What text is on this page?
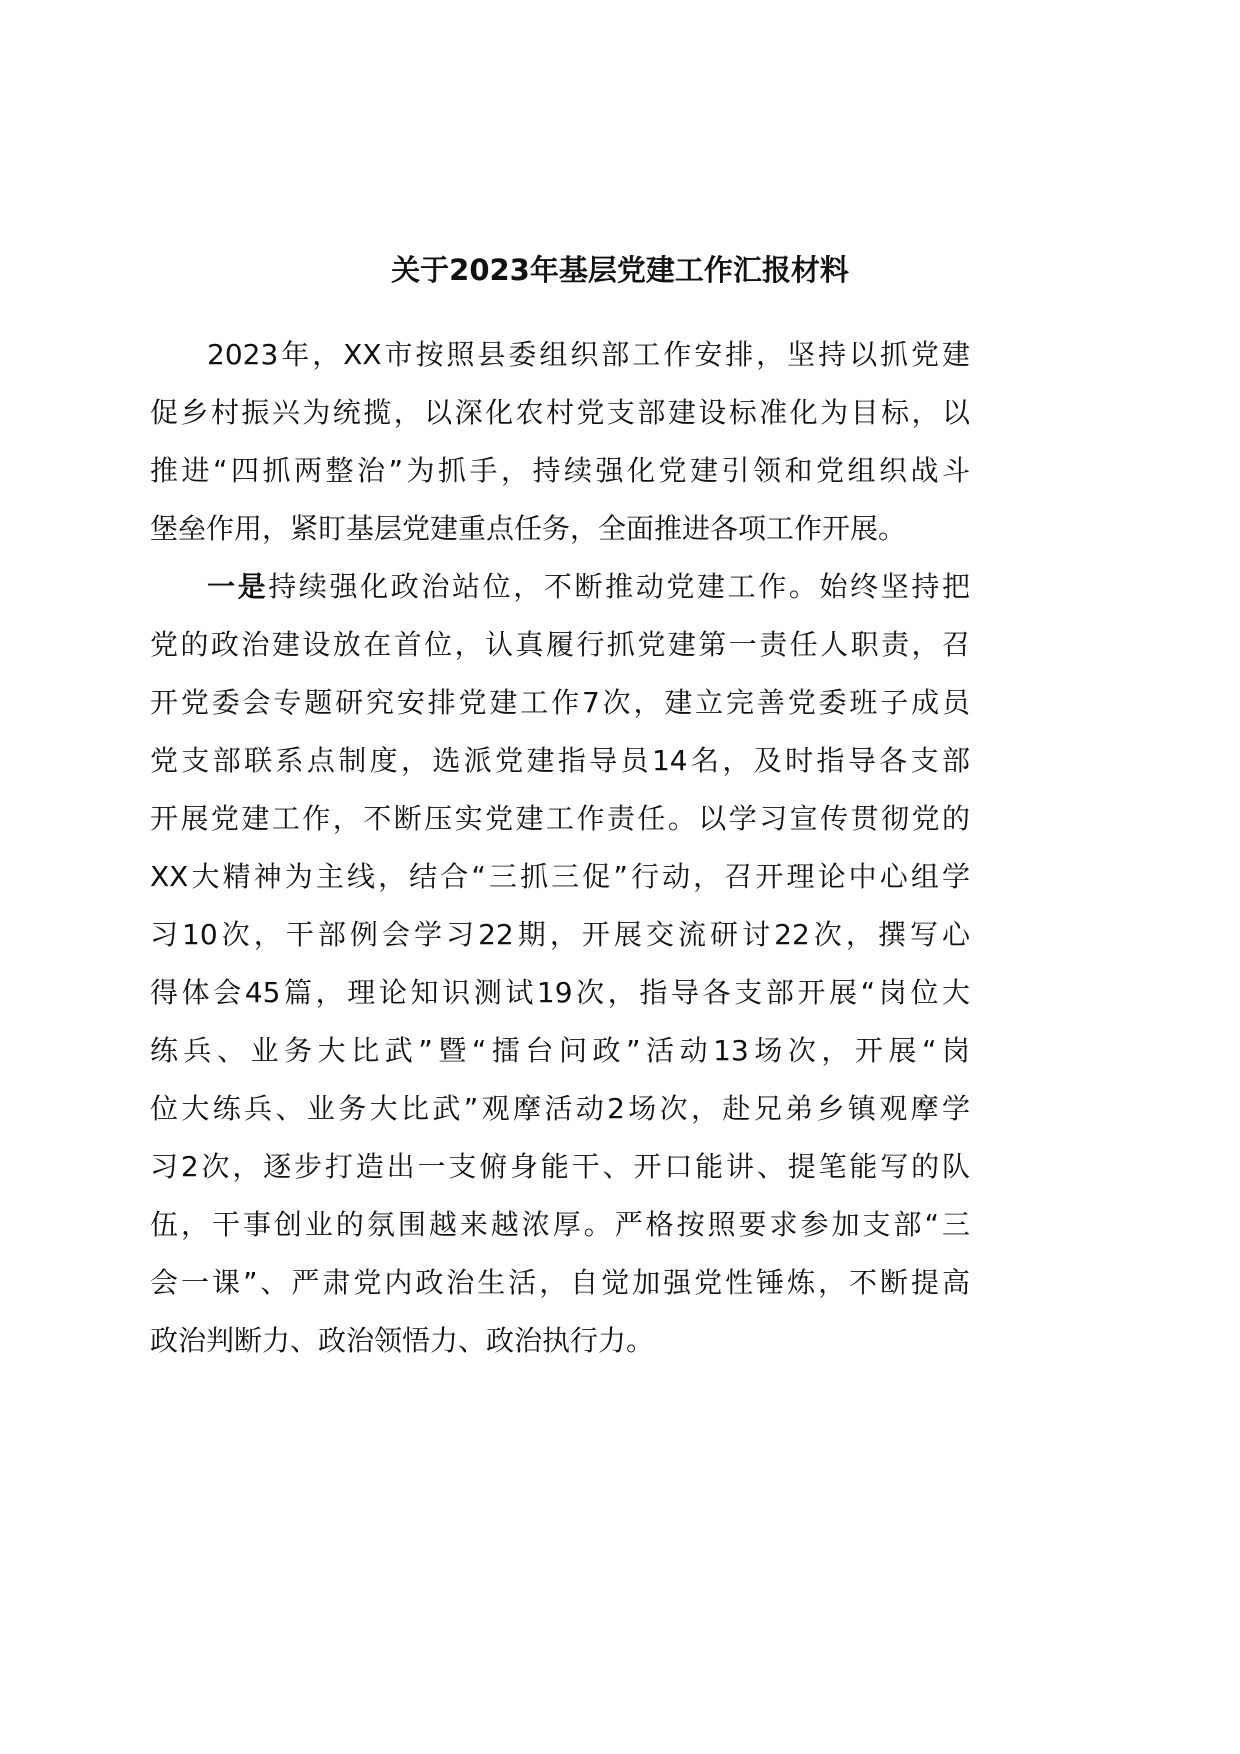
关于2023年基层党建工作汇报材料
2023年，XX市按照县委组织部工作安排，坚持以抓党建
促乡村振兴为统揽，以深化农村党支部建设标准化为目标，以
推进“四抓两整治”为抓手，持续强化党建引领和党组织战斗
堡垒作用，紧盯基层党建重点任务，全面推进各项工作开展。
一是持续强化政治站位，不断推动党建工作。始终坚持把
党的政治建设放在首位，认真履行抓党建第一责任人职责，召
开党委会专题研究安排党建工作7次，建立完善党委班子成员
党支部联系点制度，选派党建指导员14名，及时指导各支部
开展党建工作，不断压实党建工作责任。以学习宣传贯彻党的
XX大精神为主线，结合“三抓三促”行动，召开理论中心组学
习10次，干部例会学习22期，开展交流研讨22次，撰写心
得体会45篇，理论知识测试19次，指导各支部开展“岗位大
练兵、业务大比武”暨“擂台问政”活动13场次，开展“岗
位大练兵、业务大比武”观摩活动2场次，赴兄弟乡镇观摩学
习2次，逐步打造出一支俯身能干、开口能讲、提笔能写的队
伍，干事创业的氛围越来越浓厚。严格按照要求参加支部“三
会一课”、严肃党内政治生活，自觉加强党性锤炼，不断提高
政治判断力、政治领悟力、政治执行力。
